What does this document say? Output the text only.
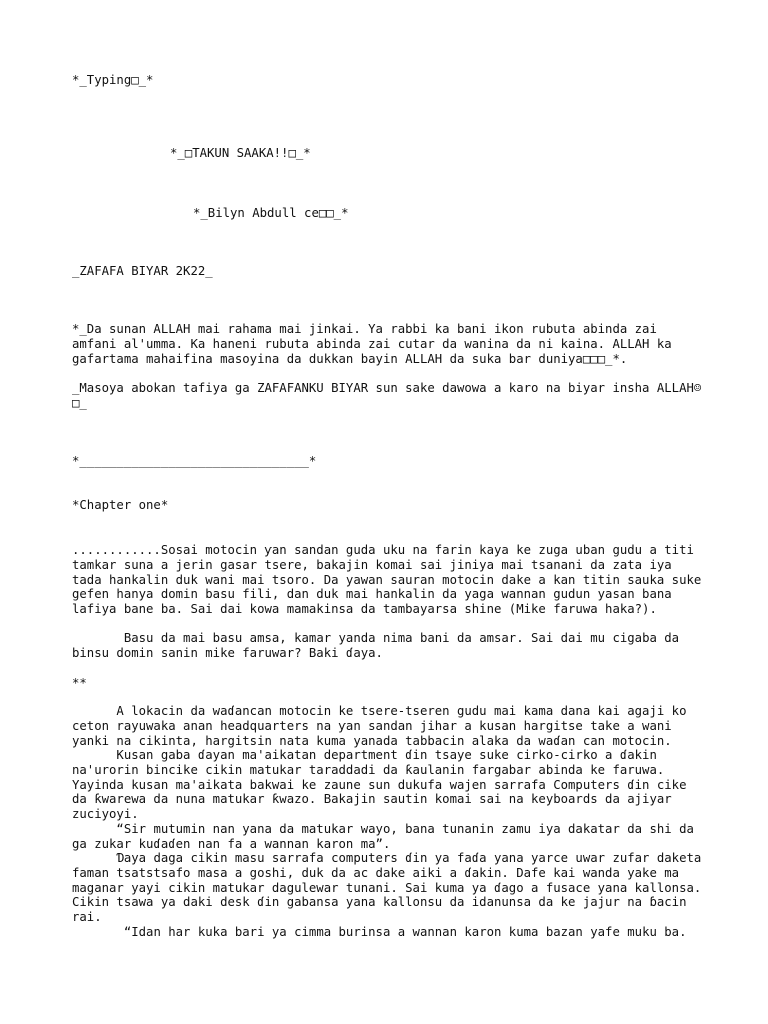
*_Typing□_*
*_□TAKUN SAAKA!!□_*
*_Bilyn Abdull ce□□_*
_ZAFAFA BIYAR 2K22_
*_Da sunan ALLAH mai rahama mai jinkai. Ya rabbi ka bani ikon rubuta abinda zai amfani al'umma. Ka haneni rubuta abinda zai cutar da wanina da ni kaina. ALLAH ka gafartama mahaifina masoyina da dukkan bayin ALLAH da suka bar duniya□□□_*.
_Masoya abokan tafiya ga ZAFAFANKU BIYAR sun sake dawowa a karo na biyar insha ALLAH☺□_
*_______________________________*
*Chapter one*
............Sosai motocin ƴan sandan guda uku na farin kaya ke zuga uban gudu a titi tamkar suna a jerin gasar tsere, bakajin komai sai jiniya mai tsanani da zata iya tada hankalin duk wani mai tsoro. Da yawan sauran motocin dake a kan titin sauka suke gefen hanya domin basu fili, dan duk mai hankalin da yaga wannan gudun yasan bana lafiya bane ba. Sai dai kowa mamakinsa da tambayarsa shine (Mike faruwa haka?).
Basu da mai basu amsa, kamar yanda nima bani da amsar. Sai dai mu cigaba da binsu domin sanin mike faruwar? Baki ɗaya.
**
A lokacin da waɗancan motocin ke tsere-tseren gudu mai kama dana kai agaji ko ceton rayuwaka anan headquarters na ƴan sandan jihar a kusan hargitse take a wani yanki na cikinta, hargitsin nata kuma yanada tabbacin alaka da waɗan can motocin.
Kusan gaba ɗayan ma'aikatan department ɗin tsaye suke cirko-cirko a ɗakin na'urorin bincike cikin matukar taraddadi da ƙaulanin fargabar abinda ke faruwa. Yayinda kusan ma'aikata bakwai ke zaune sun dukufa wajen sarrafa Computers ɗin cike da ƙwarewa da nuna matukar ƙwazo. Bakajin sautin komai sai na keyboards da ajiyar zuciyoyi.
“Sir mutumin nan yana da matukar wayo, bana tunanin zamu iya dakatar da shi da ga zukar kuɗaɗen nan fa a wannan karon ma”.
Ɗaya daga cikin masu sarrafa computers ɗin ya faɗa yana yarce uwar zufar daketa faman tsatstsafo masa a goshi, duk da ac dake aiki a ɗakin. Dafe kai wanda yake ma maganar yayi cikin matukar dagulewar tunani. Sai kuma ya ɗago a fusace yana kallonsa. Cikin tsawa ya daki desk ɗin gabansa yana kallonsu da idanunsa da ke jajur na ɓacin rai.
“Idan har kuka bari ya cimma burinsa a wannan karon kuma bazan yafe muku ba.
